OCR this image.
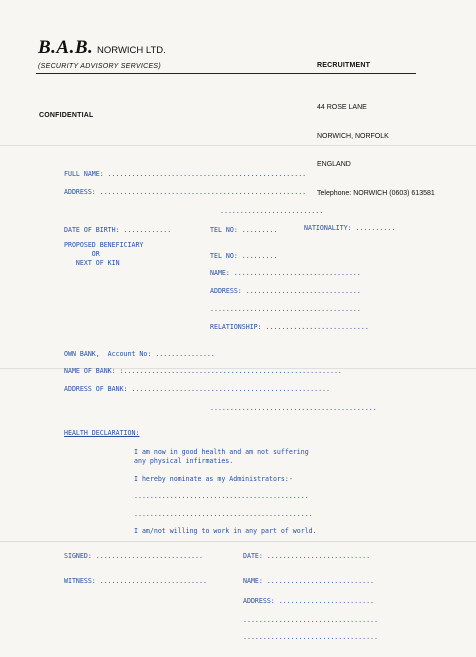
B.A.B. NORWICH LTD.
(SECURITY ADVISORY SERVICES)	RECRUITMENT

44 ROSE LANE

NORWICH, NORFOLK

ENGLAND

Telephone: NORWICH (0603) 613581

CONFIDENTIAL
FULL NAME: ..................................................
ADDRESS: ....................................................
..........................
DATE OF BIRTH: ............	TEL NO: .........	NATIONALITY: ..........
PROPOSED BENEFICIARY
OR
NEXT OF KIN
TEL NO: .........
NAME: ................................
ADDRESS: .............................
......................................
RELATIONSHIP: ..........................
OWN BANK,  Account No: ...............
NAME OF BANK: :.......................................................
ADDRESS OF BANK: ..................................................
..........................................
HEALTH DECLARATION:
I am now in good health and am not suffering
any physical infirmaties.
I hereby nominate as my Administrators:-
............................................
.............................................
I am/not willing to work in any part of world.
SIGNED: ...........................	DATE: ..........................
WITNESS: ...........................	NAME: ...........................
ADDRESS: ........................
..................................
..................................
